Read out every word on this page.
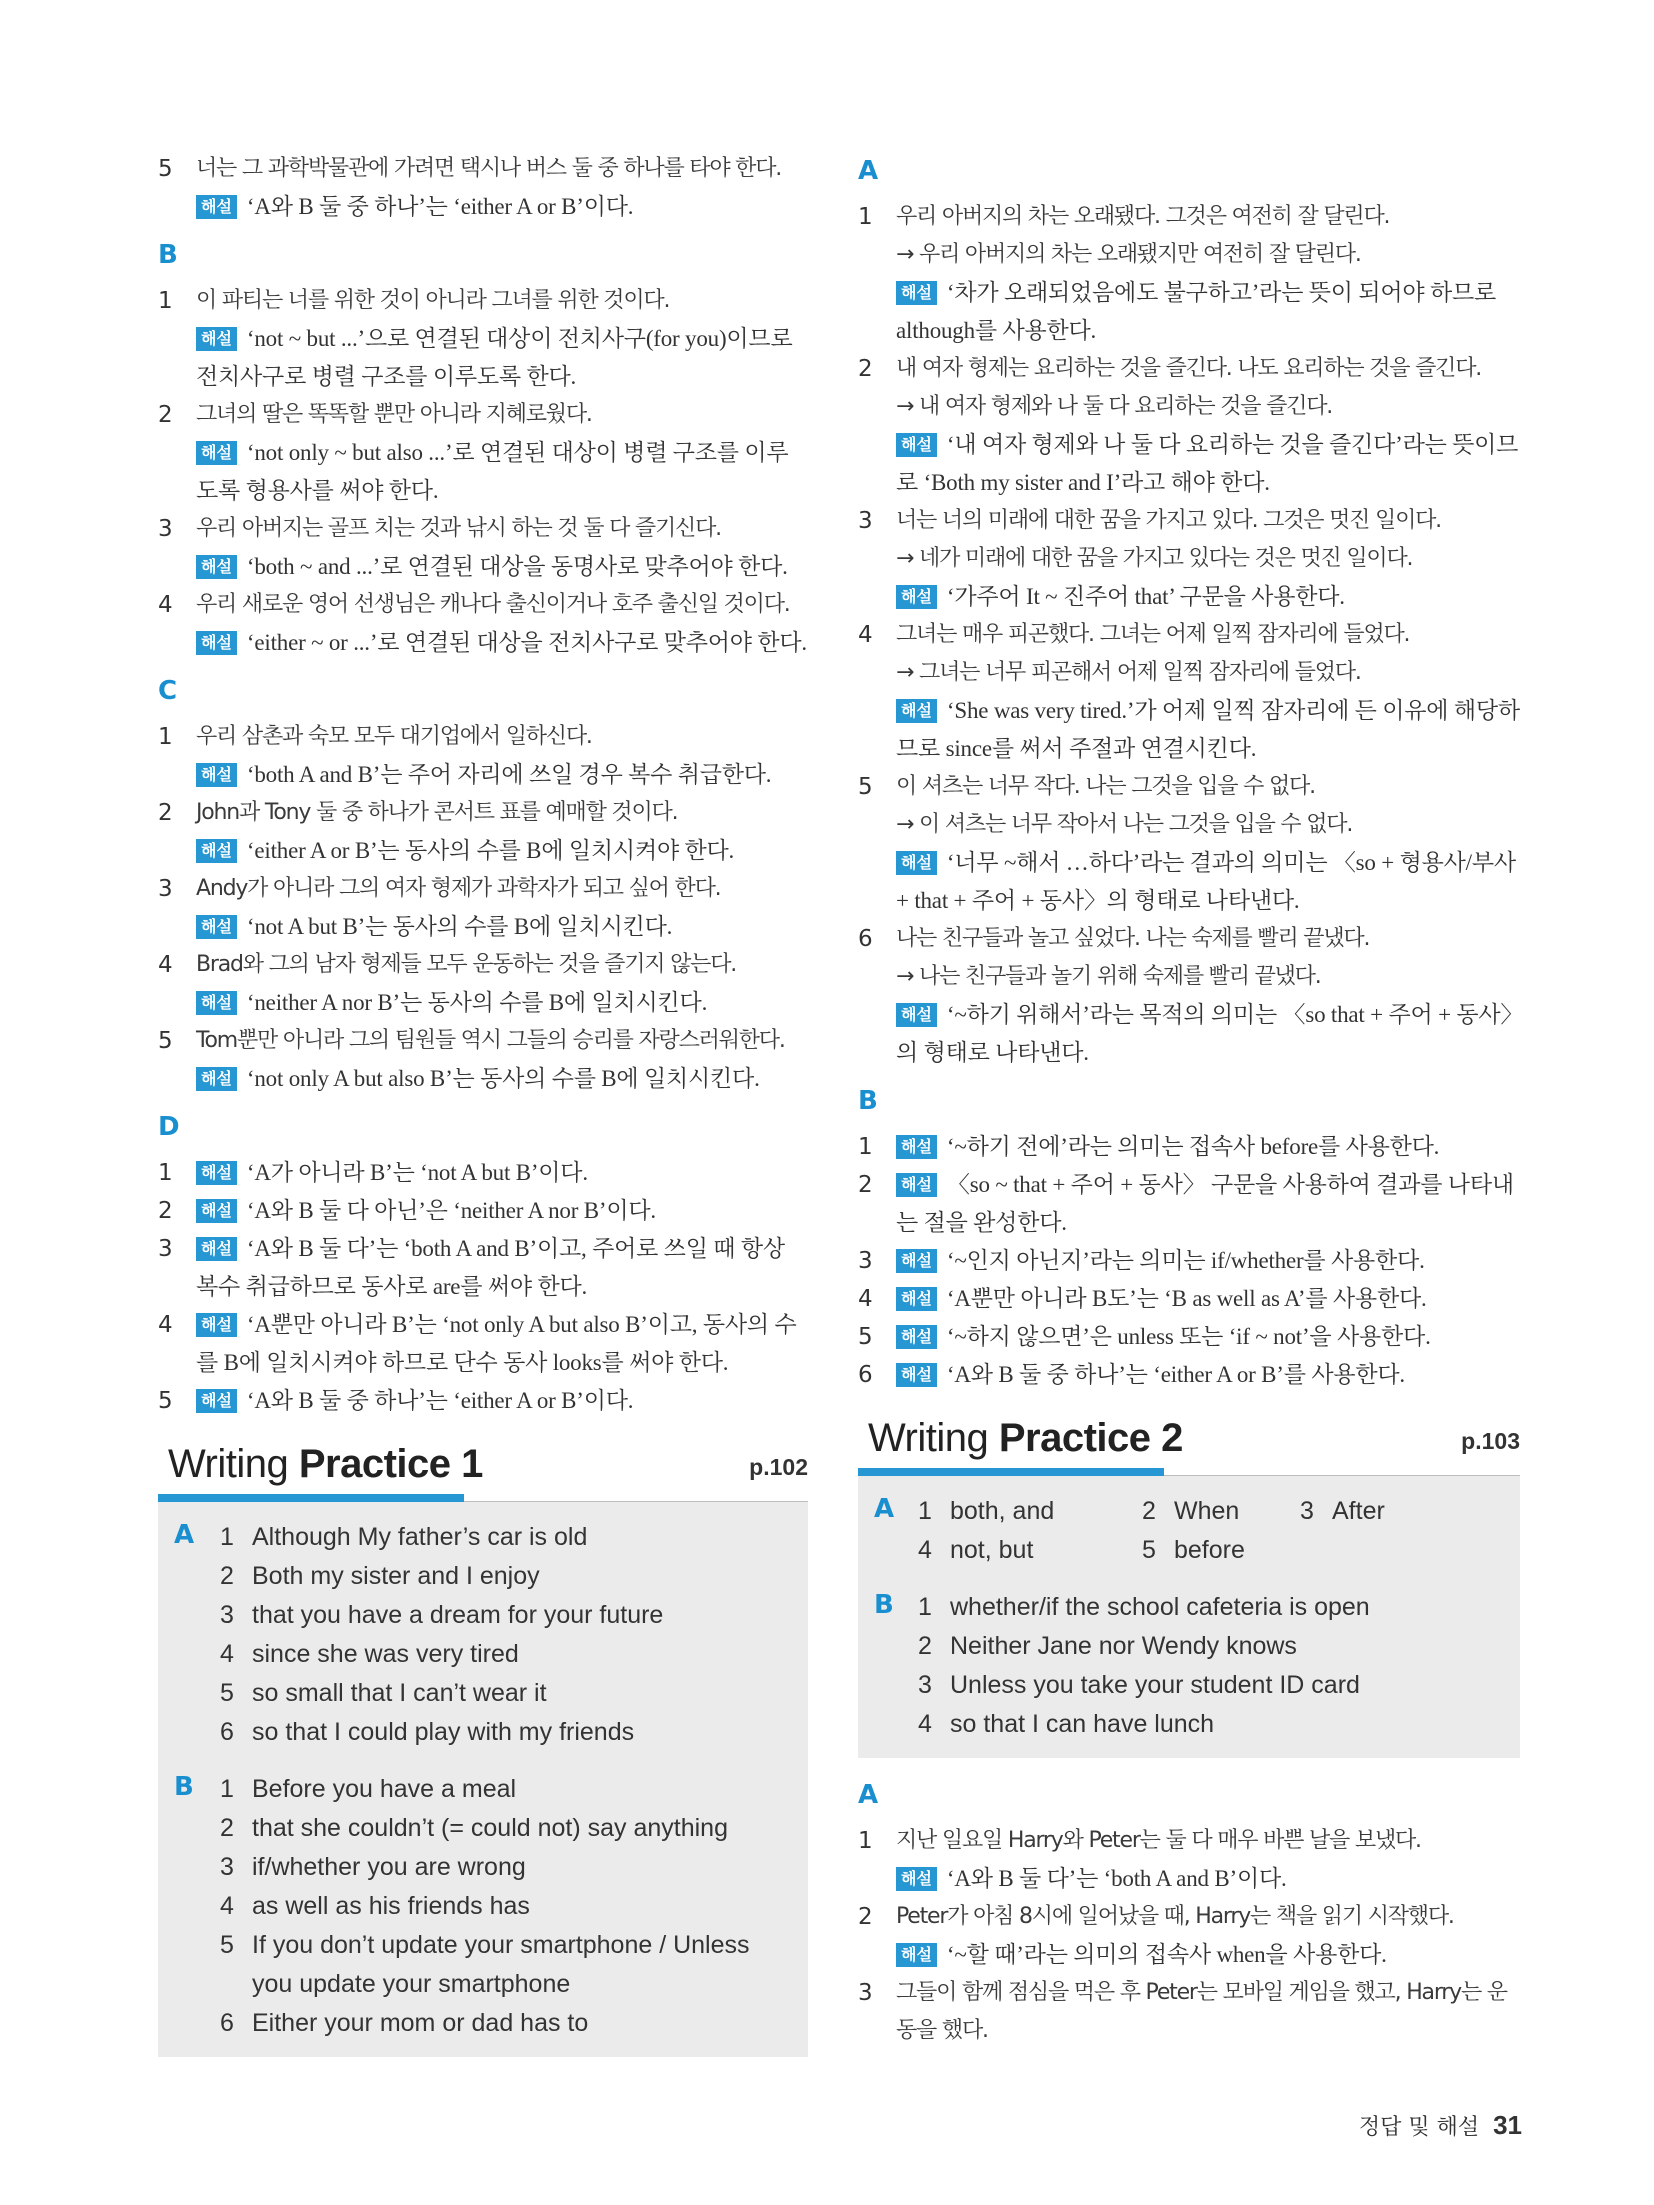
5 너는 그 과학박물관에 가려면 택시나 버스 둘 중 하나를 타야 한다.
해설 ‘A와 B 둘 중 하나’는 ‘either A or B’이다.
B
1 이 파티는 너를 위한 것이 아니라 그녀를 위한 것이다.
해설 ‘not ~ but ...’으로 연결된 대상이 전치사구(for you)이므로 전치사구로 병렬 구조를 이루도록 한다.
2 그녀의 딸은 똑똑할 뿐만 아니라 지혜로웠다.
해설 ‘not only ~ but also ...’로 연결된 대상이 병렬 구조를 이루도록 형용사를 써야 한다.
3 우리 아버지는 골프 치는 것과 낚시 하는 것 둘 다 즐기신다.
해설 ‘both ~ and ...’로 연결된 대상을 동명사로 맞추어야 한다.
4 우리 새로운 영어 선생님은 캐나다 출신이거나 호주 출신일 것이다.
해설 ‘either ~ or ...’로 연결된 대상을 전치사구로 맞추어야 한다.
C
1 우리 삼촌과 숙모 모두 대기업에서 일하신다.
해설 ‘both A and B’는 주어 자리에 쓰일 경우 복수 취급한다.
2 John과 Tony 둘 중 하나가 콘서트 표를 예매할 것이다.
해설 ‘either A or B’는 동사의 수를 B에 일치시켜야 한다.
3 Andy가 아니라 그의 여자 형제가 과학자가 되고 싶어 한다.
해설 ‘not A but B’는 동사의 수를 B에 일치시킨다.
4 Brad와 그의 남자 형제들 모두 운동하는 것을 즐기지 않는다.
해설 ‘neither A nor B’는 동사의 수를 B에 일치시킨다.
5 Tom뿐만 아니라 그의 팀원들 역시 그들의 승리를 자랑스러워한다.
해설 ‘not only A but also B’는 동사의 수를 B에 일치시킨다.
D
1	해설 ‘A가 아니라 B’는 ‘not A but B’이다.
2	해설 ‘A와 B 둘 다 아닌’은 ‘neither A nor B’이다.
3	해설 ‘A와 B 둘 다’는 ‘both A and B’이고, 주어로 쓰일 때 항상 복수 취급하므로 동사로 are를 써야 한다.
4	해설 ‘A뿐만 아니라 B’는 ‘not only A but also B’이고, 동사의 수를 B에 일치시켜야 하므로 단수 동사 looks를 써야 한다.
5	해설 ‘A와 B 둘 중 하나’는 ‘either A or B’이다.
Writing Practice 1	p.102
A 1 Although My father’s car is old
2 Both my sister and I enjoy
3 that you have a dream for your future
4 since she was very tired
5 so small that I can’t wear it
6 so that I could play with my friends
B 1 Before you have a meal
2 that she couldn’t (= could not) say anything
3 if/whether you are wrong
4 as well as his friends has
5 If you don’t update your smartphone / Unless
you update your smartphone
6 Either your mom or dad has to
A
1 우리 아버지의 차는 오래됐다. 그것은 여전히 잘 달린다.
→ 우리 아버지의 차는 오래됐지만 여전히 잘 달린다.
해설 ‘차가 오래되었음에도 불구하고’라는 뜻이 되어야 하므로 although를 사용한다.
2 내 여자 형제는 요리하는 것을 즐긴다. 나도 요리하는 것을 즐긴다.
→ 내 여자 형제와 나 둘 다 요리하는 것을 즐긴다.
해설 ‘내 여자 형제와 나 둘 다 요리하는 것을 즐긴다’라는 뜻이므로 ‘Both my sister and I’라고 해야 한다.
3 너는 너의 미래에 대한 꿈을 가지고 있다. 그것은 멋진 일이다.
→ 네가 미래에 대한 꿈을 가지고 있다는 것은 멋진 일이다.
해설 ‘가주어 It ~ 진주어 that’ 구문을 사용한다.
4 그녀는 매우 피곤했다. 그녀는 어제 일찍 잠자리에 들었다.
→ 그녀는 너무 피곤해서 어제 일찍 잠자리에 들었다.
해설 ‘She was very tired.’가 어제 일찍 잠자리에 든 이유에 해당하므로 since를 써서 주절과 연결시킨다.
5 이 셔츠는 너무 작다. 나는 그것을 입을 수 없다.
→ 이 셔츠는 너무 작아서 나는 그것을 입을 수 없다.
해설 ‘너무 ~해서 …하다’라는 결과의 의미는 〈so + 형용사/부사 + that + 주어 + 동사〉의 형태로 나타낸다.
6 나는 친구들과 놀고 싶었다. 나는 숙제를 빨리 끝냈다.
→ 나는 친구들과 놀기 위해 숙제를 빨리 끝냈다.
해설 ‘~하기 위해서’라는 목적의 의미는 〈so that + 주어 + 동사〉의 형태로 나타낸다.
B
1	해설 ‘~하기 전에’라는 의미는 접속사 before를 사용한다.
2	해설 〈so ~ that + 주어 + 동사〉 구문을 사용하여 결과를 나타내는 절을 완성한다.
3	해설 ‘~인지 아닌지’라는 의미는 if/whether를 사용한다.
4	해설 ‘A뿐만 아니라 B도’는 ‘B as well as A’를 사용한다.
5	해설 ‘~하지 않으면’은 unless 또는 ‘if ~ not’을 사용한다.
6	해설 ‘A와 B 둘 중 하나’는 ‘either A or B’를 사용한다.
Writing Practice 2	p.103
A 1 both, and	2 When 3 After
4 not, but	5 before
B 1 whether/if the school cafeteria is open
2 Neither Jane nor Wendy knows
3 Unless you take your student ID card
4 so that I can have lunch
A
1 지난 일요일 Harry와 Peter는 둘 다 매우 바쁜 날을 보냈다.
해설 ‘A와 B 둘 다’는 ‘both A and B’이다.
2 Peter가 아침 8시에 일어났을 때, Harry는 책을 읽기 시작했다.
해설 ‘~할 때’라는 의미의 접속사 when을 사용한다.
3 그들이 함께 점심을 먹은 후 Peter는 모바일 게임을 했고, Harry는 운동을 했다.
정답 및 해설 31
